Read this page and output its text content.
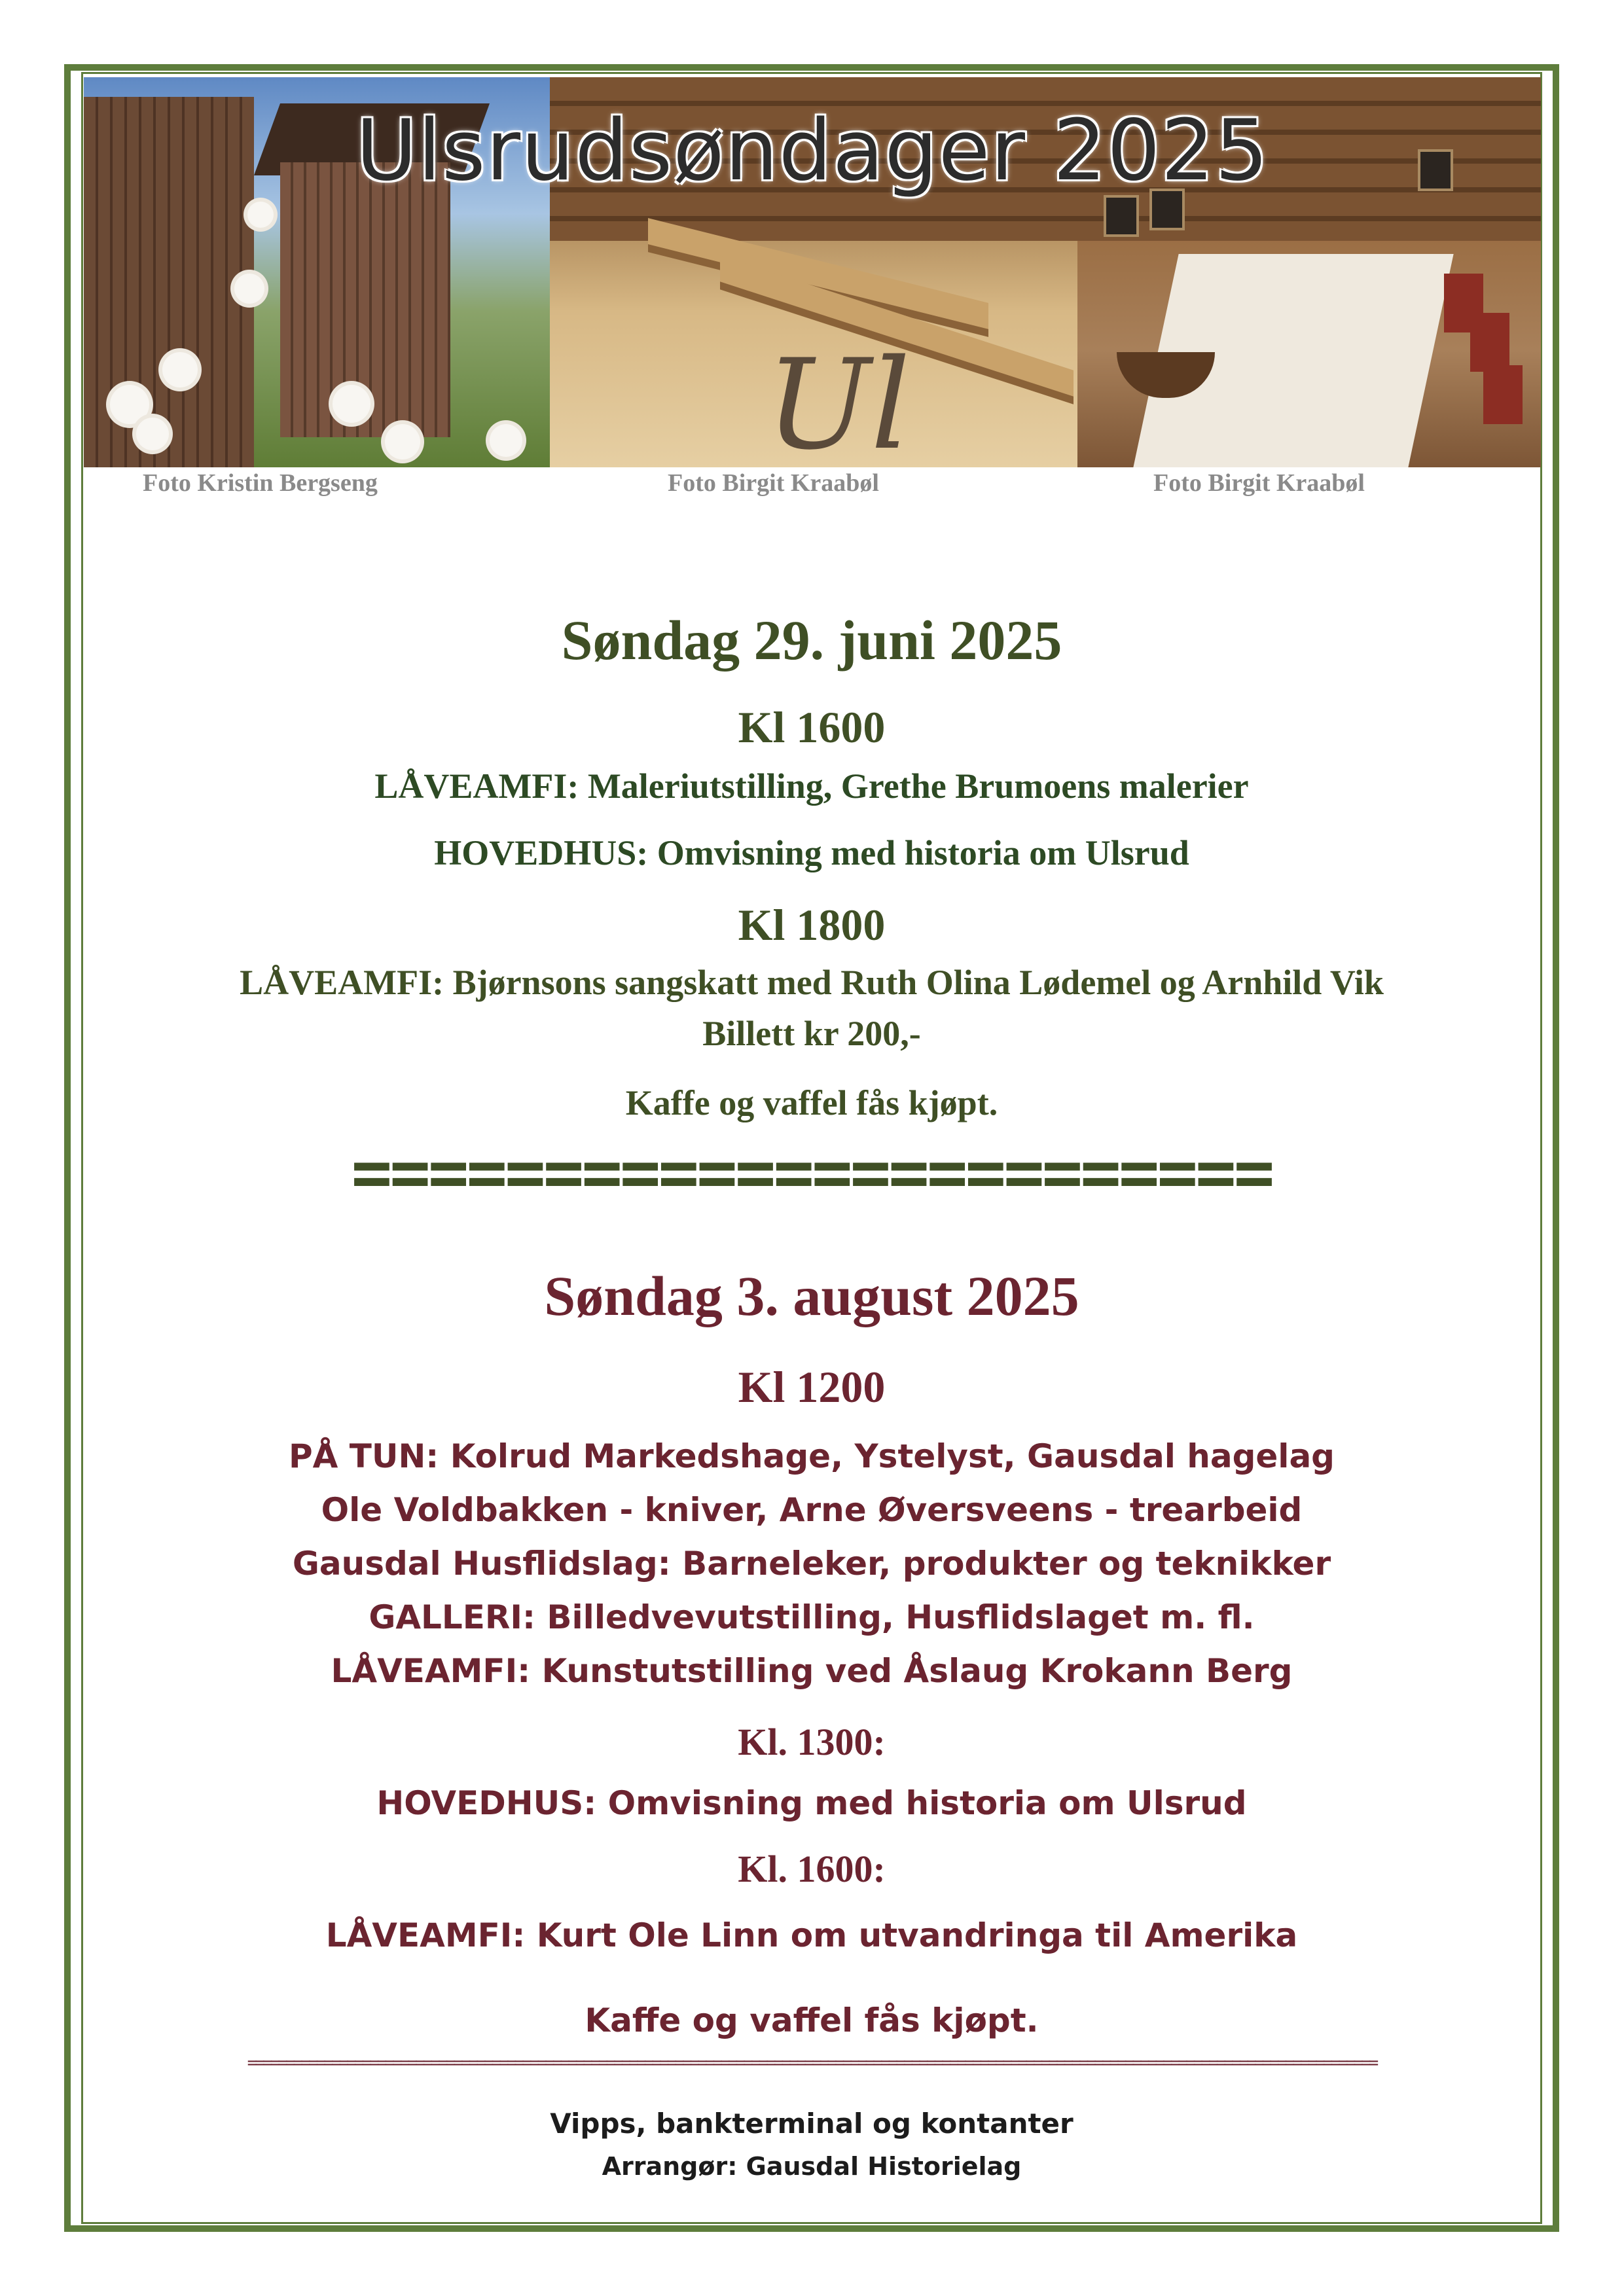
Ul
Ulsrudsøndager 2025
Foto Kristin Bergseng	Foto Birgit Kraabøl	Foto Birgit Kraabøl
Søndag 29. juni 2025
Kl 1600
LÅVEAMFI: Maleriutstilling, Grethe Brumoens malerier
HOVEDHUS: Omvisning med historia om Ulsrud
Kl 1800
LÅVEAMFI: Bjørnsons sangskatt med Ruth Olina Lødemel og Arnhild Vik
Billett kr 200,-
Kaffe og vaffel fås kjøpt.
========================
Søndag 3. august 2025
Kl 1200
PÅ TUN: Kolrud Markedshage, Ystelyst, Gausdal hagelag
Ole Voldbakken - kniver, Arne Øversveens - trearbeid
Gausdal Husflidslag: Barneleker, produkter og teknikker
GALLERI: Billedvevutstilling, Husflidslaget m. fl.
LÅVEAMFI: Kunstutstilling ved Åslaug Krokann Berg
Kl. 1300:
HOVEDHUS: Omvisning med historia om Ulsrud
Kl. 1600:
LÅVEAMFI: Kurt Ole Linn om utvandringa til Amerika
Kaffe og vaffel fås kjøpt.
====================================================================================================================================================
Vipps, bankterminal og kontanter
Arrangør: Gausdal Historielag
